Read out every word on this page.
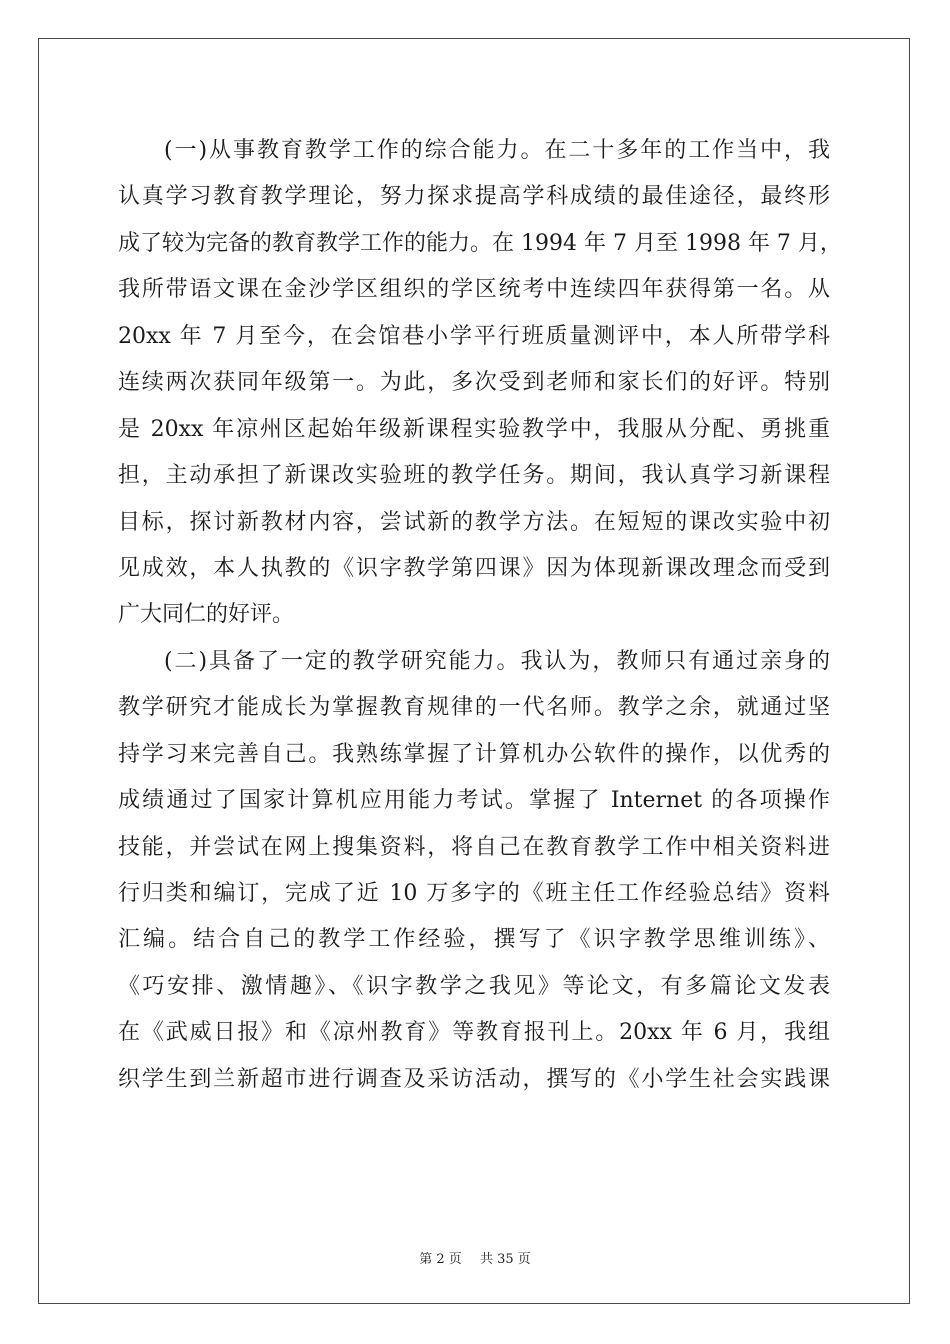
(一)从事教育教学工作的综合能力。在二十多年的工作当中，我
认真学习教育教学理论，努力探求提高学科成绩的最佳途径，最终形
成了较为完备的教育教学工作的能力。在 1994 年 7 月至 1998 年 7 月，
我所带语文课在金沙学区组织的学区统考中连续四年获得第一名。从
20xx 年 7 月至今，在会馆巷小学平行班质量测评中，本人所带学科
连续两次获同年级第一。为此，多次受到老师和家长们的好评。特别
是 20xx 年凉州区起始年级新课程实验教学中，我服从分配、勇挑重
担，主动承担了新课改实验班的教学任务。期间，我认真学习新课程
目标，探讨新教材内容，尝试新的教学方法。在短短的课改实验中初
见成效，本人执教的《识字教学第四课》因为体现新课改理念而受到
广大同仁的好评。
(二)具备了一定的教学研究能力。我认为，教师只有通过亲身的
教学研究才能成长为掌握教育规律的一代名师。教学之余，就通过坚
持学习来完善自己。我熟练掌握了计算机办公软件的操作，以优秀的
成绩通过了国家计算机应用能力考试。掌握了 Internet 的各项操作
技能，并尝试在网上搜集资料，将自己在教育教学工作中相关资料进
行归类和编订，完成了近 10 万多字的《班主任工作经验总结》资料
汇编。结合自己的教学工作经验，撰写了《识字教学思维训练》、
《巧安排、激情趣》、《识字教学之我见》等论文，有多篇论文发表
在《武威日报》和《凉州教育》等教育报刊上。20xx 年 6 月，我组
织学生到兰新超市进行调查及采访活动，撰写的《小学生社会实践课
第 2 页 共 35 页
